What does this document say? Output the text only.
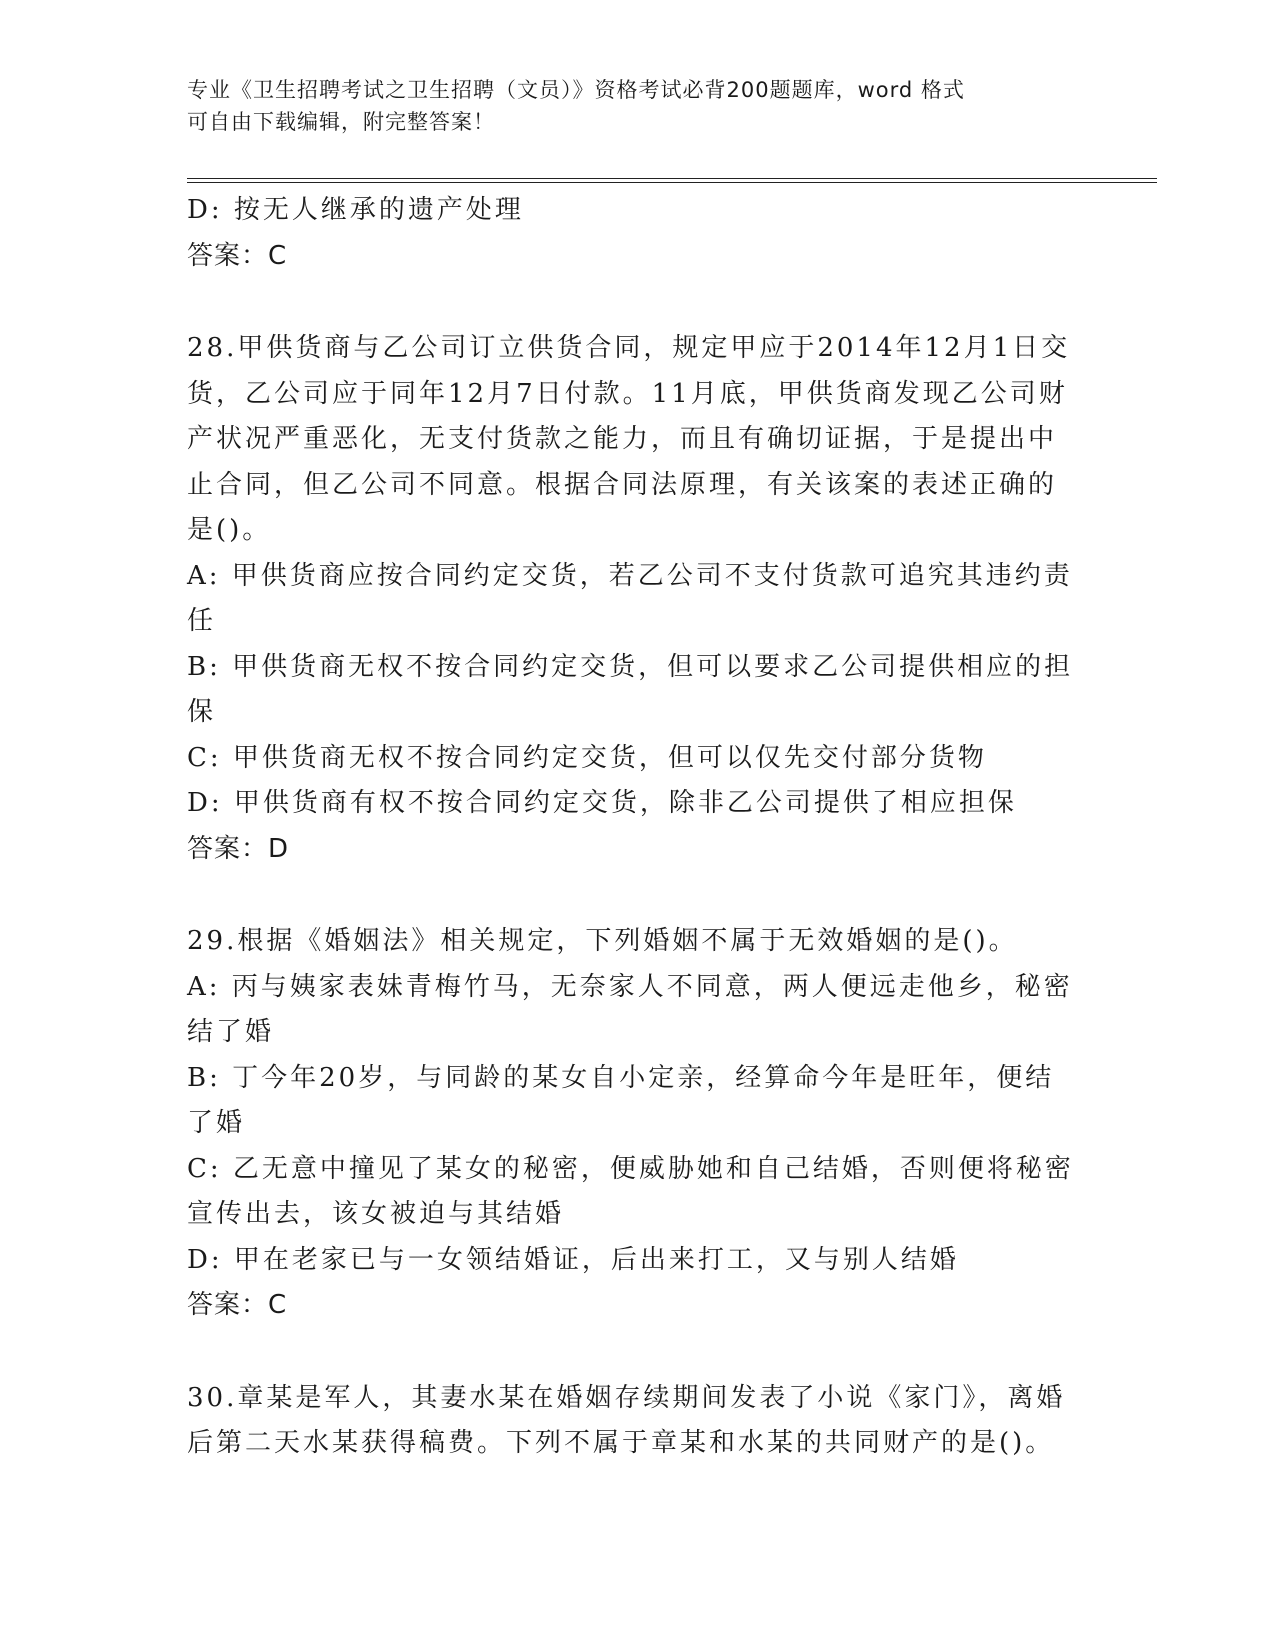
专业《卫生招聘考试之卫生招聘（文员）》资格考试必背200题题库，word 格式
可自由下载编辑，附完整答案！

D: 按无人继承的遗产处理

答案：C

28.甲供货商与乙公司订立供货合同，规定甲应于2014年12月1日交

货，乙公司应于同年12月7日付款。11月底，甲供货商发现乙公司财

产状况严重恶化，无支付货款之能力，而且有确切证据，于是提出中

止合同，但乙公司不同意。根据合同法原理，有关该案的表述正确的

是()。

A: 甲供货商应按合同约定交货，若乙公司不支付货款可追究其违约责

任

B: 甲供货商无权不按合同约定交货，但可以要求乙公司提供相应的担

保

C: 甲供货商无权不按合同约定交货，但可以仅先交付部分货物

D: 甲供货商有权不按合同约定交货，除非乙公司提供了相应担保

答案：D

29.根据《婚姻法》相关规定，下列婚姻不属于无效婚姻的是()。

A: 丙与姨家表妹青梅竹马，无奈家人不同意，两人便远走他乡，秘密

结了婚

B: 丁今年20岁，与同龄的某女自小定亲，经算命今年是旺年，便结

了婚

C: 乙无意中撞见了某女的秘密，便威胁她和自己结婚，否则便将秘密

宣传出去，该女被迫与其结婚

D: 甲在老家已与一女领结婚证，后出来打工，又与别人结婚

答案：C

30.章某是军人，其妻水某在婚姻存续期间发表了小说《家门》，离婚

后第二天水某获得稿费。下列不属于章某和水某的共同财产的是()。
